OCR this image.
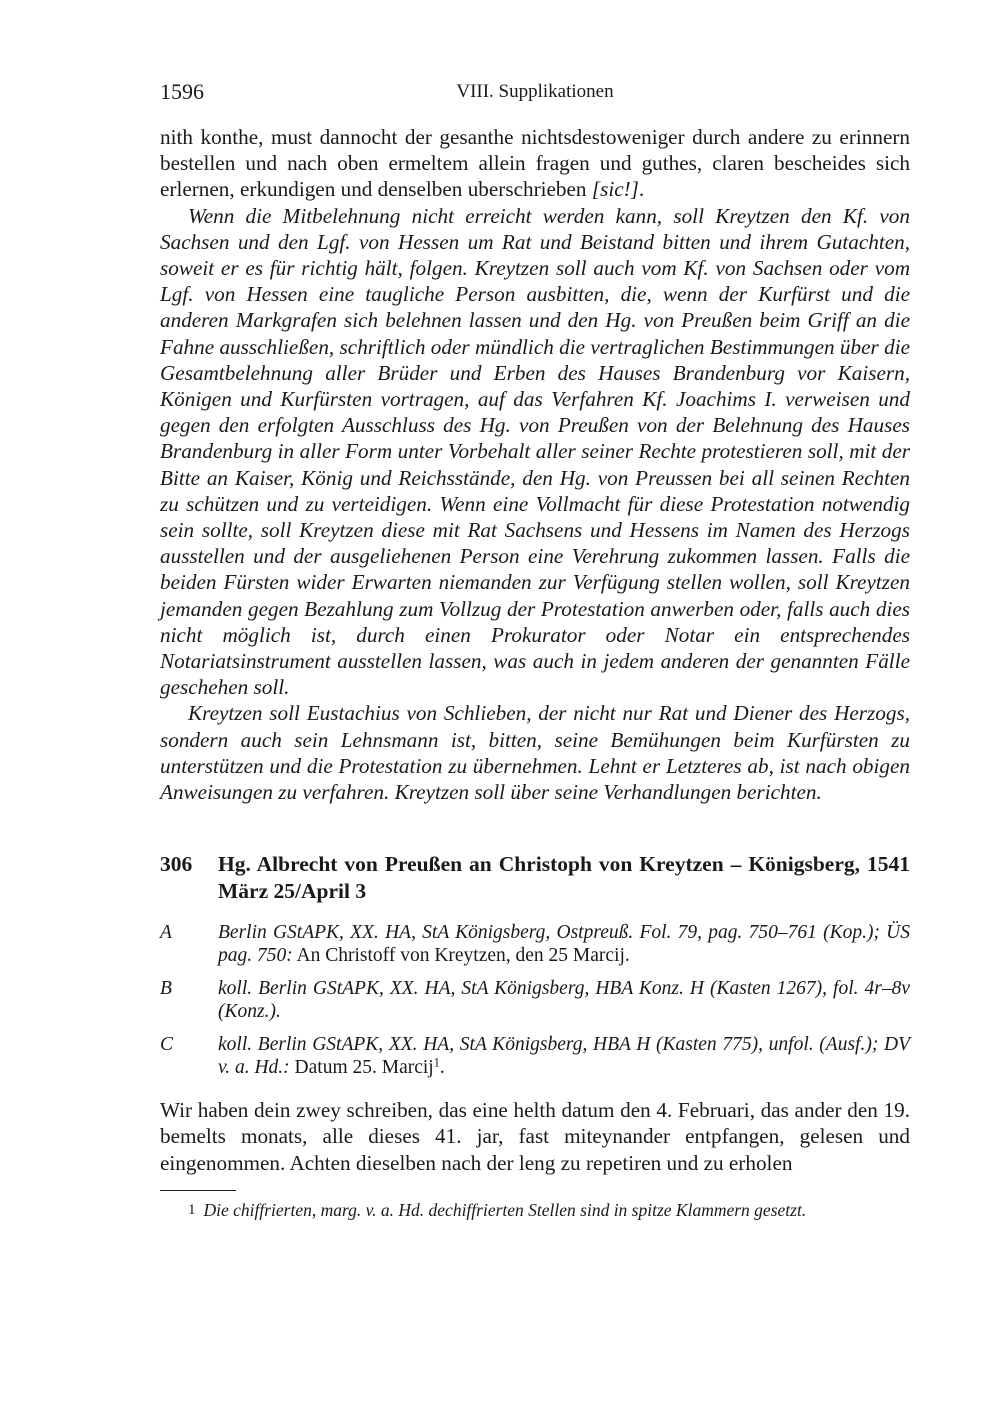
1596	VIII. Supplikationen

nith konthe, must dannocht der gesanthe nichtsdestoweniger durch andere zu erinnern bestellen und nach oben ermeltem allein fragen und guthes, claren bescheides sich erlernen, erkundigen und denselben uberschrieben [sic!].

Wenn die Mitbelehnung nicht erreicht werden kann, soll Kreytzen den Kf. von Sachsen und den Lgf. von Hessen um Rat und Beistand bitten und ihrem Gutachten, soweit er es für richtig hält, folgen. Kreytzen soll auch vom Kf. von Sachsen oder vom Lgf. von Hessen eine taugliche Person ausbitten, die, wenn der Kurfürst und die anderen Markgrafen sich belehnen lassen und den Hg. von Preußen beim Griff an die Fahne ausschließen, schriftlich oder mündlich die vertraglichen Bestimmungen über die Gesamtbelehnung aller Brüder und Erben des Hauses Brandenburg vor Kaisern, Königen und Kurfürsten vortragen, auf das Verfahren Kf. Joachims I. verweisen und gegen den erfolgten Ausschluss des Hg. von Preußen von der Belehnung des Hauses Brandenburg in aller Form unter Vorbehalt aller seiner Rechte protestieren soll, mit der Bitte an Kaiser, König und Reichsstände, den Hg. von Preussen bei all seinen Rechten zu schützen und zu verteidigen. Wenn eine Vollmacht für diese Protestation notwendig sein sollte, soll Kreytzen diese mit Rat Sachsens und Hessens im Namen des Herzogs ausstellen und der ausgeliehenen Person eine Verehrung zukommen lassen. Falls die beiden Fürsten wider Erwarten niemanden zur Verfügung stellen wollen, soll Kreytzen jemanden gegen Bezahlung zum Vollzug der Protestation anwerben oder, falls auch dies nicht möglich ist, durch einen Prokurator oder Notar ein entsprechendes Notariatsinstrument ausstellen lassen, was auch in jedem anderen der genannten Fälle geschehen soll.

Kreytzen soll Eustachius von Schlieben, der nicht nur Rat und Diener des Herzogs, sondern auch sein Lehnsmann ist, bitten, seine Bemühungen beim Kurfürsten zu unterstützen und die Protestation zu übernehmen. Lehnt er Letzteres ab, ist nach obigen Anweisungen zu verfahren. Kreytzen soll über seine Verhandlungen berichten.

306	Hg. Albrecht von Preußen an Christoph von Kreytzen – Königsberg, 1541 März 25/April 3
A	Berlin GStAPK, XX. HA, StA Königsberg, Ostpreuß. Fol. 79, pag. 750–761 (Kop.); ÜS pag. 750: An Christoff von Kreytzen, den 25 Marcij.
B	koll. Berlin GStAPK, XX. HA, StA Königsberg, HBA Konz. H (Kasten 1267), fol. 4r–8v (Konz.).
C	koll. Berlin GStAPK, XX. HA, StA Königsberg, HBA H (Kasten 775), unfol. (Ausf.); DV v. a. Hd.: Datum 25. Marcij$^1$.
Wir haben dein zwey schreiben, das eine helth datum den 4. Februari, das ander den 19. bemelts monats, alle dieses 41. jar, fast miteynander entpfangen, gelesen und eingenommen. Achten dieselben nach der leng zu repetiren und zu erholen
1 Die chiffrierten, marg. v. a. Hd. dechiffrierten Stellen sind in spitze Klammern gesetzt.
